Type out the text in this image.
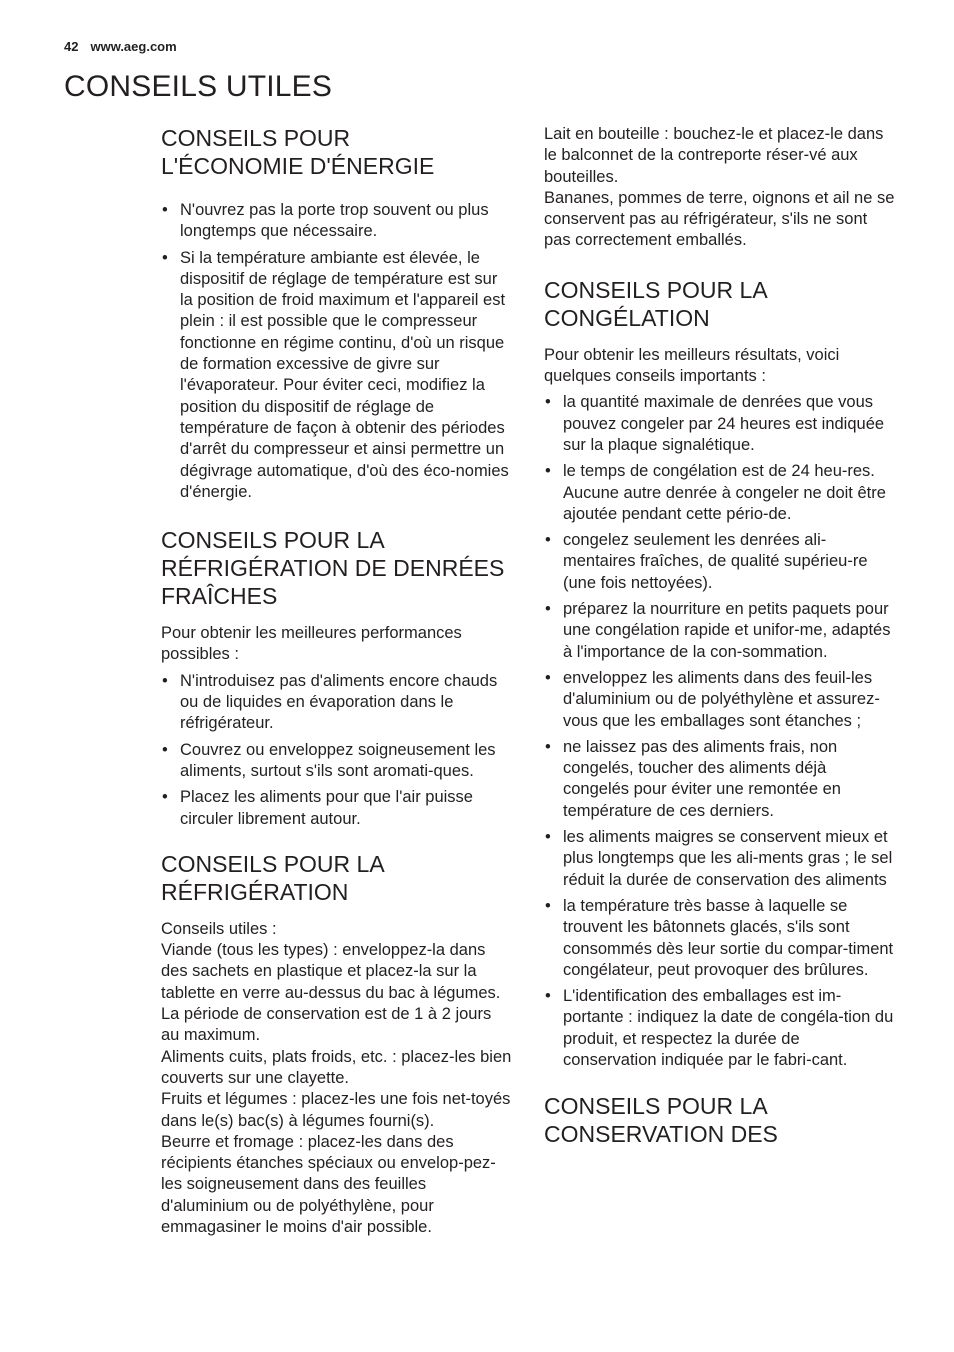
42 www.aeg.com
CONSEILS UTILES
CONSEILS POUR
L'ÉCONOMIE D'ÉNERGIE
• N'ouvrez pas la porte trop souvent ou plus longtemps que nécessaire.
• Si la température ambiante est élevée, le dispositif de réglage de température est sur la position de froid maximum et l'appareil est plein : il est possible que le compresseur fonctionne en régime continu, d'où un risque de formation excessive de givre sur l'évaporateur. Pour éviter ceci, modifiez la position du dispositif de réglage de température de façon à obtenir des périodes d'arrêt du compresseur et ainsi permettre un dégivrage automatique, d'où des éco-nomies d'énergie.
CONSEILS POUR LA
RÉFRIGÉRATION DE DENRÉES
FRAÎCHES

Pour obtenir les meilleures performances possibles :

• N'introduisez pas d'aliments encore chauds ou de liquides en évaporation dans le réfrigérateur.
• Couvrez ou enveloppez soigneusement les aliments, surtout s'ils sont aromati-ques.
• Placez les aliments pour que l'air puisse circuler librement autour.
CONSEILS POUR LA
RÉFRIGÉRATION

Conseils utiles :

Viande (tous les types) : enveloppez-la dans des sachets en plastique et placez-la sur la tablette en verre au-dessus du bac à légumes.

La période de conservation est de 1 à 2 jours au maximum.

Aliments cuits, plats froids, etc. : placez-les bien couverts sur une clayette.

Fruits et légumes : placez-les une fois net-toyés dans le(s) bac(s) à légumes fourni(s).

Beurre et fromage : placez-les dans des récipients étanches spéciaux ou envelop-pez-les soigneusement dans des feuilles d'aluminium ou de polyéthylène, pour emmagasiner le moins d'air possible.

Lait en bouteille : bouchez-le et placez-le dans le balconnet de la contreporte réser-vé aux bouteilles.

Bananes, pommes de terre, oignons et ail ne se conservent pas au réfrigérateur, s'ils ne sont pas correctement emballés.

CONSEILS POUR LA
CONGÉLATION

Pour obtenir les meilleurs résultats, voici quelques conseils importants :

• la quantité maximale de denrées que vous pouvez congeler par 24 heures est indiquée sur la plaque signalétique.
• le temps de congélation est de 24 heu-res. Aucune autre denrée à congeler ne doit être ajoutée pendant cette pério-de.
• congelez seulement les denrées ali-mentaires fraîches, de qualité supérieu-re (une fois nettoyées).
• préparez la nourriture en petits paquets pour une congélation rapide et unifor-me, adaptés à l'importance de la con-sommation.
• enveloppez les aliments dans des feuil-les d'aluminium ou de polyéthylène et assurez-vous que les emballages sont étanches ;
• ne laissez pas des aliments frais, non congelés, toucher des aliments déjà congelés pour éviter une remontée en température de ces derniers.
• les aliments maigres se conservent mieux et plus longtemps que les ali-ments gras ; le sel réduit la durée de conservation des aliments
• la température très basse à laquelle se trouvent les bâtonnets glacés, s'ils sont consommés dès leur sortie du compar-timent congélateur, peut provoquer des brûlures.
• L'identification des emballages est im-portante : indiquez la date de congéla-tion du produit, et respectez la durée de conservation indiquée par le fabri-cant.
CONSEILS POUR LA
CONSERVATION DES
